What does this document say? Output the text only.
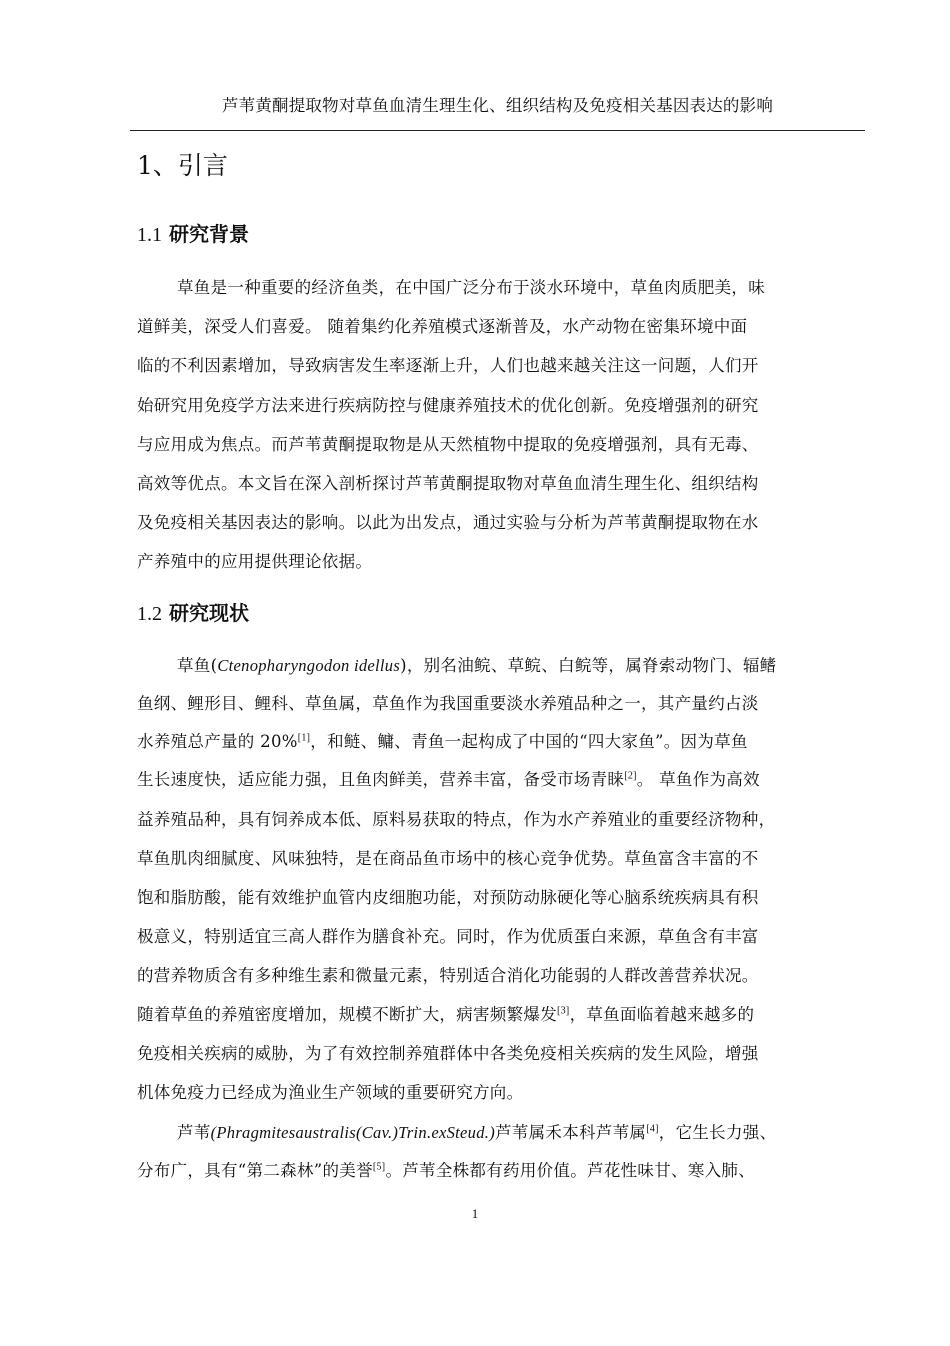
芦苇黄酮提取物对草鱼血清生理生化、组织结构及免疫相关基因表达的影响
1、引言
1.1 研究背景
草鱼是一种重要的经济鱼类，在中国广泛分布于淡水环境中，草鱼肉质肥美，味
道鲜美，深受人们喜爱。 随着集约化养殖模式逐渐普及，水产动物在密集环境中面
临的不利因素增加，导致病害发生率逐渐上升，人们也越来越关注这一问题，人们开
始研究用免疫学方法来进行疾病防控与健康养殖技术的优化创新。免疫增强剂的研究
与应用成为焦点。而芦苇黄酮提取物是从天然植物中提取的免疫增强剂，具有无毒、
高效等优点。本文旨在深入剖析探讨芦苇黄酮提取物对草鱼血清生理生化、组织结构
及免疫相关基因表达的影响。以此为出发点，通过实验与分析为芦苇黄酮提取物在水
产养殖中的应用提供理论依据。
1.2 研究现状
草鱼(Ctenopharyngodon idellus)，别名油鲩、草鲩、白鲩等，属脊索动物门、辐鳍
鱼纲、鲤形目、鲤科、草鱼属，草鱼作为我国重要淡水养殖品种之一，其产量约占淡
水养殖总产量的 20%[1]，和鲢、鳙、青鱼一起构成了中国的“四大家鱼”。因为草鱼
生长速度快，适应能力强，且鱼肉鲜美，营养丰富，备受市场青睐[2]。 草鱼作为高效
益养殖品种，具有饲养成本低、原料易获取的特点，作为水产养殖业的重要经济物种，
草鱼肌肉细腻度、风味独特，是在商品鱼市场中的核心竞争优势。草鱼富含丰富的不
饱和脂肪酸，能有效维护血管内皮细胞功能，对预防动脉硬化等心脑系统疾病具有积
极意义，特别适宜三高人群作为膳食补充。同时，作为优质蛋白来源，草鱼含有丰富
的营养物质含有多种维生素和微量元素，特别适合消化功能弱的人群改善营养状况。
随着草鱼的养殖密度增加，规模不断扩大，病害频繁爆发[3]，草鱼面临着越来越多的
免疫相关疾病的威胁，为了有效控制养殖群体中各类免疫相关疾病的发生风险，增强
机体免疫力已经成为渔业生产领域的重要研究方向。
芦苇(Phragmitesaustralis(Cav.)Trin.exSteud.)芦苇属禾本科芦苇属[4]，它生长力强、
分布广，具有“第二森林”的美誉[5]。芦苇全株都有药用价值。芦花性味甘、寒入肺、
1
